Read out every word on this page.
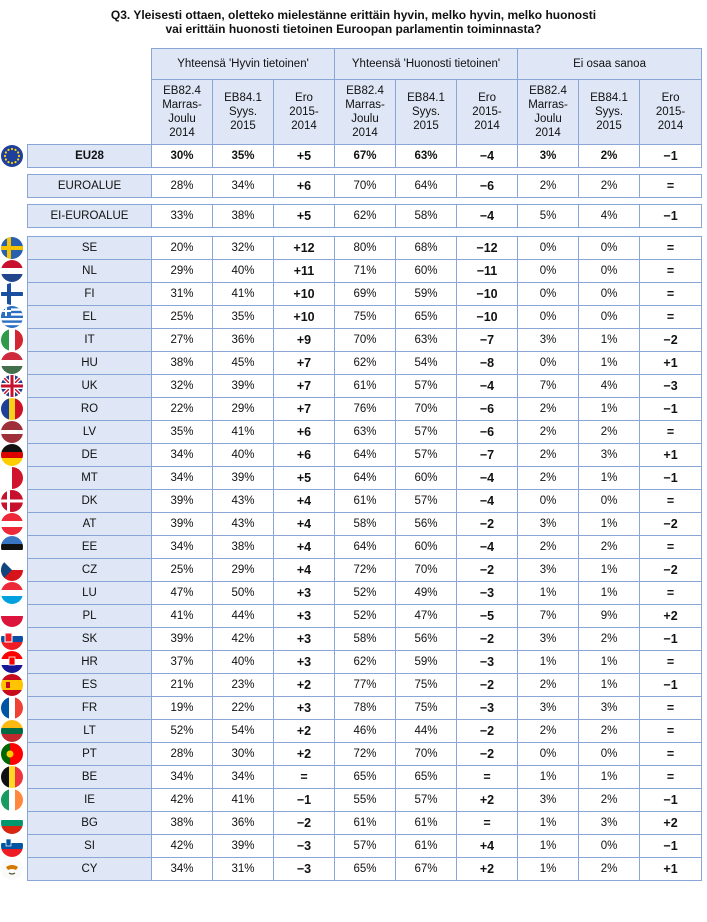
Q3. Yleisesti ottaen, oletteko mielestänne erittäin hyvin, melko hyvin, melko huonosti
vai erittäin huonosti tietoinen Euroopan parlamentin toiminnasta?
	Yhteensä 'Hyvin tietoinen'			Yhteensä 'Huonosti tietoinen'			Ei osaa sanoa		
	EB82.4
Marras-
Joulu
2014	EB84.1
Syys.
2015	Ero
2015-
2014	EB82.4
Marras-
Joulu
2014	EB84.1
Syys.
2015	Ero
2015-
2014	EB82.4
Marras-
Joulu
2014	EB84.1
Syys.
2015	Ero
2015-
2014
EU28	30%	35%	+5	67%	63%	−4	3%	2%	−1

EUROALUE	28%	34%	+6	70%	64%	−6	2%	2%	=

EI-EUROALUE	33%	38%	+5	62%	58%	−4	5%	4%	−1

SE	20%	32%	+12	80%	68%	−12	0%	0%	=
NL	29%	40%	+11	71%	60%	−11	0%	0%	=
FI	31%	41%	+10	69%	59%	−10	0%	0%	=
EL	25%	35%	+10	75%	65%	−10	0%	0%	=
IT	27%	36%	+9	70%	63%	−7	3%	1%	−2
HU	38%	45%	+7	62%	54%	−8	0%	1%	+1
UK	32%	39%	+7	61%	57%	−4	7%	4%	−3
RO	22%	29%	+7	76%	70%	−6	2%	1%	−1
LV	35%	41%	+6	63%	57%	−6	2%	2%	=
DE	34%	40%	+6	64%	57%	−7	2%	3%	+1
MT	34%	39%	+5	64%	60%	−4	2%	1%	−1
DK	39%	43%	+4	61%	57%	−4	0%	0%	=
AT	39%	43%	+4	58%	56%	−2	3%	1%	−2
EE	34%	38%	+4	64%	60%	−4	2%	2%	=
CZ	25%	29%	+4	72%	70%	−2	3%	1%	−2
LU	47%	50%	+3	52%	49%	−3	1%	1%	=
PL	41%	44%	+3	52%	47%	−5	7%	9%	+2
SK	39%	42%	+3	58%	56%	−2	3%	2%	−1
HR	37%	40%	+3	62%	59%	−3	1%	1%	=
ES	21%	23%	+2	77%	75%	−2	2%	1%	−1
FR	19%	22%	+3	78%	75%	−3	3%	3%	=
LT	52%	54%	+2	46%	44%	−2	2%	2%	=
PT	28%	30%	+2	72%	70%	−2	0%	0%	=
BE	34%	34%	=	65%	65%	=	1%	1%	=
IE	42%	41%	−1	55%	57%	+2	3%	2%	−1
BG	38%	36%	−2	61%	61%	=	1%	3%	+2
SI	42%	39%	−3	57%	61%	+4	1%	0%	−1
CY	34%	31%	−3	65%	67%	+2	1%	2%	+1
